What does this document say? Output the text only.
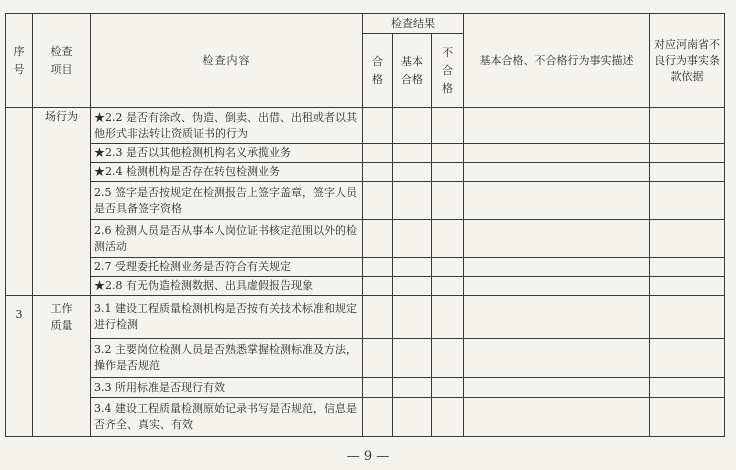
序号	检查项目	检查内容	检查结果			基本合格、不合格行为事实描述	对应河南省不良行为事实条款依据

			合格	基本合格	不合格		

	场行为	★2.2 是否有涂改、伪造、倒卖、出借、出租或者以其他形式非法转让资质证书的行为					

		★2.3 是否以其他检测机构名义承揽业务					

		★2.4 检测机构是否存在转包检测业务					

		2.5 签字是否按规定在检测报告上签字盖章，签字人员是否具备签字资格					

		2.6 检测人员是否从事本人岗位证书核定范围以外的检测活动					

		2.7 受理委托检测业务是否符合有关规定					

		★2.8 有无伪造检测数据、出具虚假报告现象					

3	工作质量	3.1 建设工程质量检测机构是否按有关技术标准和规定进行检测					

		3.2 主要岗位检测人员是否熟悉掌握检测标准及方法，操作是否规范					

		3.3 所用标准是否现行有效					

		3.4 建设工程质量检测原始记录书写是否规范，信息是否齐全、真实、有效					

— 9 —
